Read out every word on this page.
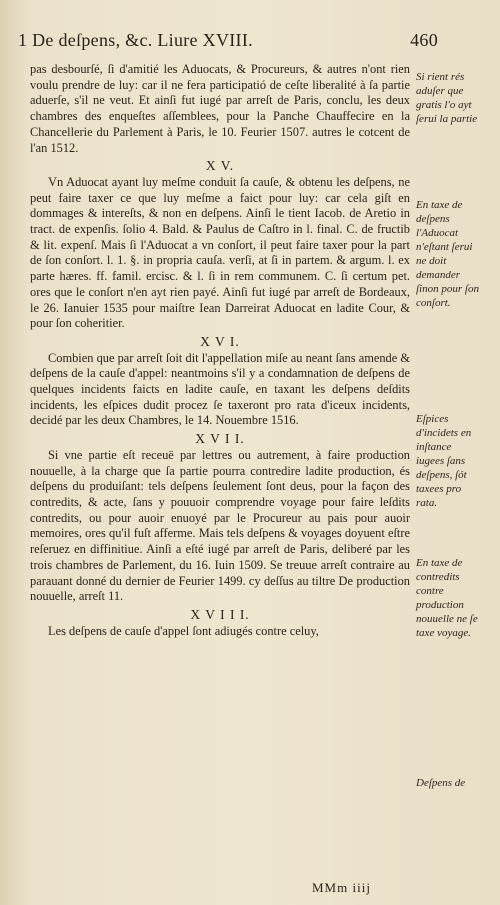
1 De deſpens, &c. Liure XVIII.	460

pas desbourſé, ſi d'amitié les Aduocats, & Procureurs, & autres n'ont rien voulu prendre de luy: car il ne fera participatió de ceſte liberalité à ſa partie aduerſe, s'il ne veut. Et ainſi fut iugé par arreſt de Paris, conclu, les deux chambres des enqueſtes aſſemblees, pour la Panche Chauffecire en la Chancellerie du Parlement à Paris, le 10. Feurier 1507. autres le cotcent de l'an 1512.

X V.

Vn Aduocat ayant luy meſme conduit ſa cauſe, & obtenu les deſpens, ne peut faire taxer ce que luy meſme a faict pour luy: car cela giſt en dommages & intereſts, & non en deſpens. Ainſi le tient Iacob. de Aretio in tract. de expenſis. ſolio 4. Bald. & Paulus de Caſtro in l. final. C. de fructib & lit. expenſ. Mais ſi l'Aduocat a vn conſort, il peut faire taxer pour la part de ſon conſort. l. 1. §. in propria cauſa. verſi, at ſi in partem. & argum. l. ex parte hæres. ff. famil. ercisc. & l. ſi in rem communem. C. ſi certum pet. ores que le conſort n'en ayt rien payé. Ainſi fut iugé par arreſt de Bordeaux, le 26. Ianuier 1535 pour maiſtre Iean Darreirat Aduocat en ladite Cour, & pour ſon coheritier.

X V I.

Combien que par arreſt ſoit dit l'appellation miſe au neant ſans amende & deſpens de la cauſe d'appel: neantmoins s'il y a condamnation de deſpens de quelques incidents faicts en ladite cauſe, en taxant les deſpens deſdits incidents, les eſpices dudit procez ſe taxeront pro rata d'iceux incidents, decidé par les deux Chambres, le 14. Nouembre 1516.

X V I I.

Si vne partie eſt receuë par lettres ou autrement, à faire production nouuelle, à la charge que ſa partie pourra contredire ladite production, és deſpens du produiſant: tels deſpens ſeulement ſont deus, pour la façon des contredits, & acte, ſans y pouuoir comprendre voyage pour faire leſdits contredits, ou pour auoir enuoyé par le Procureur au pais pour auoir memoires, ores qu'il fuſt afferme. Mais tels deſpens & voyages doyuent eſtre reſeruez en diffinitiue. Ainſi a eſté iugé par arreſt de Paris, deliberé par les trois chambres de Parlement, du 16. Iuin 1509. Se treuue arreſt contraire au parauant donné du dernier de Feurier 1499. cy deſſus au tiltre De production nouuelle, arreſt 11.

X V I I I.

Les deſpens de cauſe d'appel ſont adiugés contre celuy,

Si rient rés aduſer que gratis l'o ayt ſerui la partie
En taxe de deſpens l'Aduocat n'eſtant ſerui ne doit demander ſinon pour ſon conſort.
Eſpices d'incidets en inſtance iugees ſans deſpens, ſót taxees pro rata.
En taxe de contredits contre production nouuelle ne ſe taxe voyage.
Deſpens de
MMm iiij
